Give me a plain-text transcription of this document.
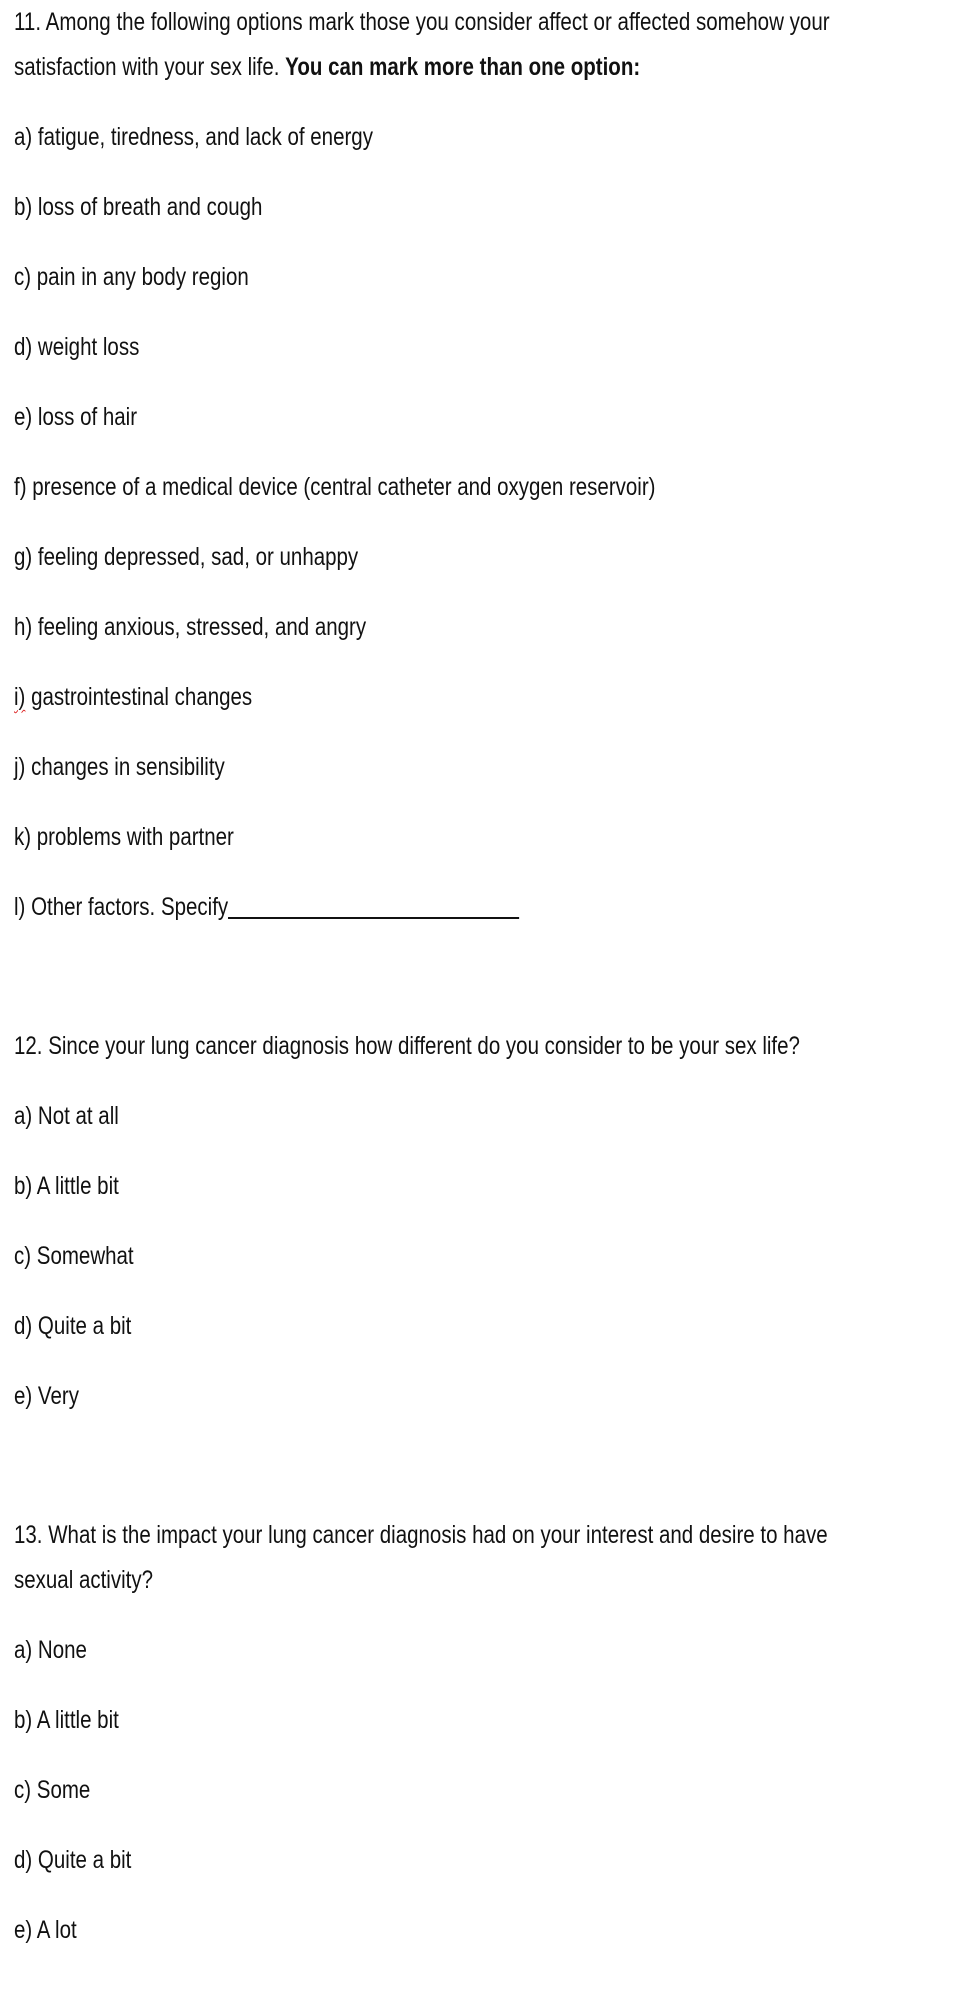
11. Among the following options mark those you consider affect or affected somehow your
satisfaction with your sex life. You can mark more than one option:
a) fatigue, tiredness, and lack of energy
b) loss of breath and cough
c) pain in any body region
d) weight loss
e) loss of hair
f) presence of a medical device (central catheter and oxygen reservoir)
g) feeling depressed, sad, or unhappy
h) feeling anxious, stressed, and angry
i) gastrointestinal changes
j) changes in sensibility
k) problems with partner
l) Other factors. Specify
12. Since your lung cancer diagnosis how different do you consider to be your sex life?
a) Not at all
b) A little bit
c) Somewhat
d) Quite a bit
e) Very
13. What is the impact your lung cancer diagnosis had on your interest and desire to have
sexual activity?
a) None
b) A little bit
c) Some
d) Quite a bit
e) A lot
